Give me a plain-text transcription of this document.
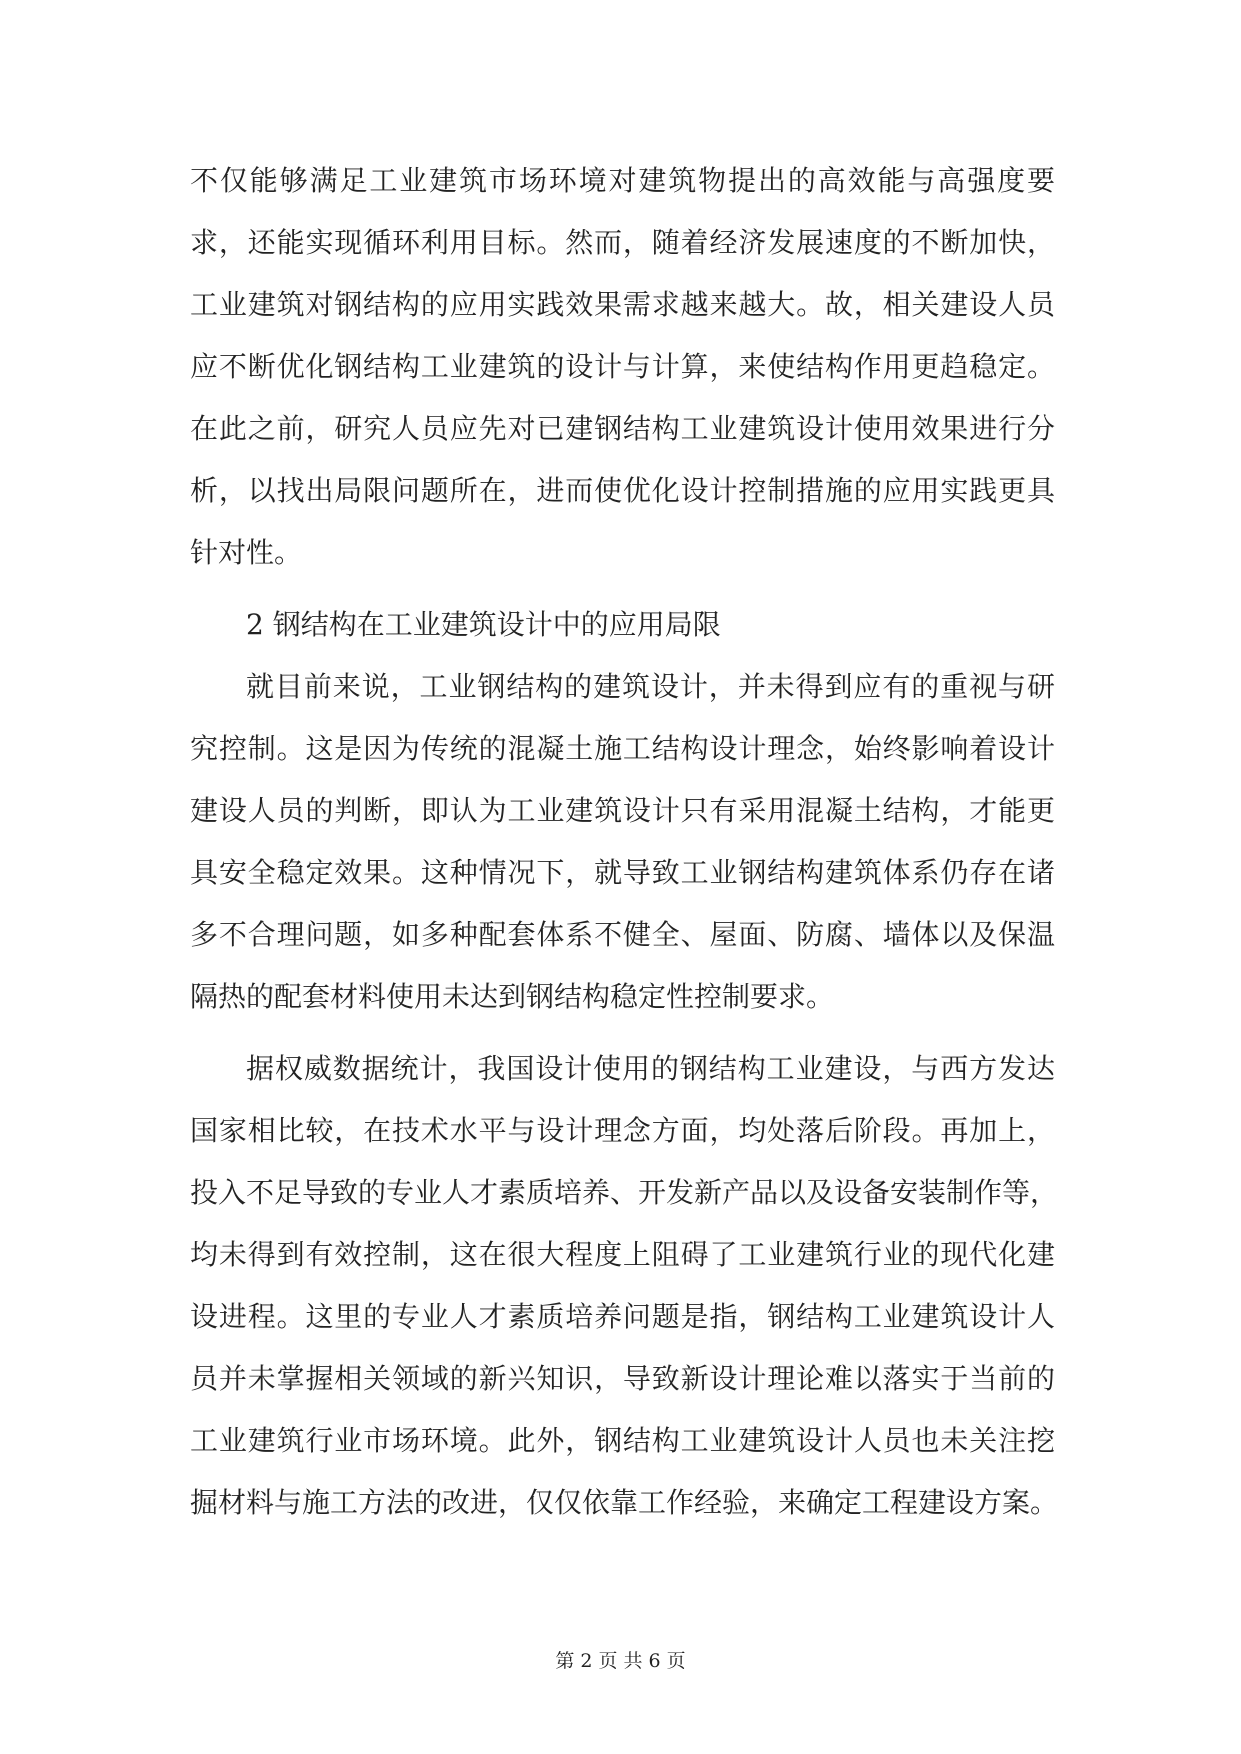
不仅能够满足工业建筑市场环境对建筑物提出的高效能与高强度要
求，还能实现循环利用目标。然而，随着经济发展速度的不断加快，
工业建筑对钢结构的应用实践效果需求越来越大。故，相关建设人员
应不断优化钢结构工业建筑的设计与计算，来使结构作用更趋稳定。
在此之前，研究人员应先对已建钢结构工业建筑设计使用效果进行分
析，以找出局限问题所在，进而使优化设计控制措施的应用实践更具
针对性。
2 钢结构在工业建筑设计中的应用局限
就目前来说，工业钢结构的建筑设计，并未得到应有的重视与研
究控制。这是因为传统的混凝土施工结构设计理念，始终影响着设计
建设人员的判断，即认为工业建筑设计只有采用混凝土结构，才能更
具安全稳定效果。这种情况下，就导致工业钢结构建筑体系仍存在诸
多不合理问题，如多种配套体系不健全、屋面、防腐、墙体以及保温
隔热的配套材料使用未达到钢结构稳定性控制要求。
据权威数据统计，我国设计使用的钢结构工业建设，与西方发达
国家相比较，在技术水平与设计理念方面，均处落后阶段。再加上，
投入不足导致的专业人才素质培养、开发新产品以及设备安装制作等，
均未得到有效控制，这在很大程度上阻碍了工业建筑行业的现代化建
设进程。这里的专业人才素质培养问题是指，钢结构工业建筑设计人
员并未掌握相关领域的新兴知识，导致新设计理论难以落实于当前的
工业建筑行业市场环境。此外，钢结构工业建筑设计人员也未关注挖
掘材料与施工方法的改进，仅仅依靠工作经验，来确定工程建设方案。
第 2 页 共 6 页
